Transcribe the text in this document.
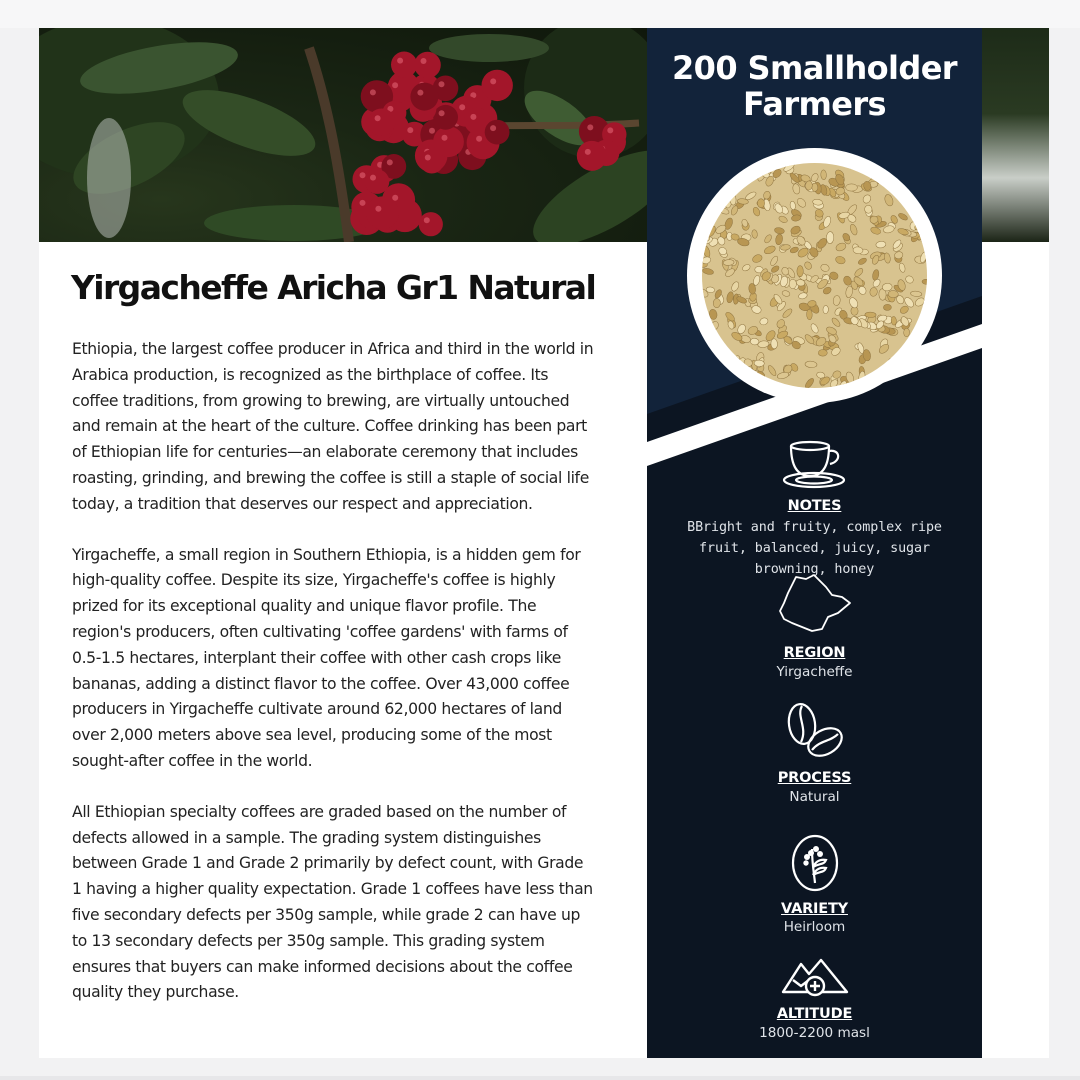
Yirgacheffe Aricha Gr1 Natural

Ethiopia, the largest coffee producer in Africa and third in the world in Arabica production, is recognized as the birthplace of coffee. Its coffee traditions, from growing to brewing, are virtually untouched and remain at the heart of the culture. Coffee drinking has been part of Ethiopian life for centuries—an elaborate ceremony that includes roasting, grinding, and brewing the coffee is still a staple of social life today, a tradition that deserves our respect and appreciation.

Yirgacheffe, a small region in Southern Ethiopia, is a hidden gem for high-quality coffee. Despite its size, Yirgacheffe's coffee is highly prized for its exceptional quality and unique flavor profile. The region's producers, often cultivating 'coffee gardens' with farms of 0.5-1.5 hectares, interplant their coffee with other cash crops like bananas, adding a distinct flavor to the coffee. Over 43,000 coffee producers in Yirgacheffe cultivate around 62,000 hectares of land over 2,000 meters above sea level, producing some of the most sought-after coffee in the world.

All Ethiopian specialty coffees are graded based on the number of defects allowed in a sample. The grading system distinguishes between Grade 1 and Grade 2 primarily by defect count, with Grade 1 having a higher quality expectation. Grade 1 coffees have less than five secondary defects per 350g sample, while grade 2 can have up to 13 secondary defects per 350g sample. This grading system ensures that buyers can make informed decisions about the coffee quality they purchase.

200 Smallholder Farmers
NOTES
BBright and fruity, complex ripe fruit, balanced, juicy, sugar browning, honey
REGION
Yirgacheffe
PROCESS
Natural
VARIETY
Heirloom
ALTITUDE
1800-2200 masl
